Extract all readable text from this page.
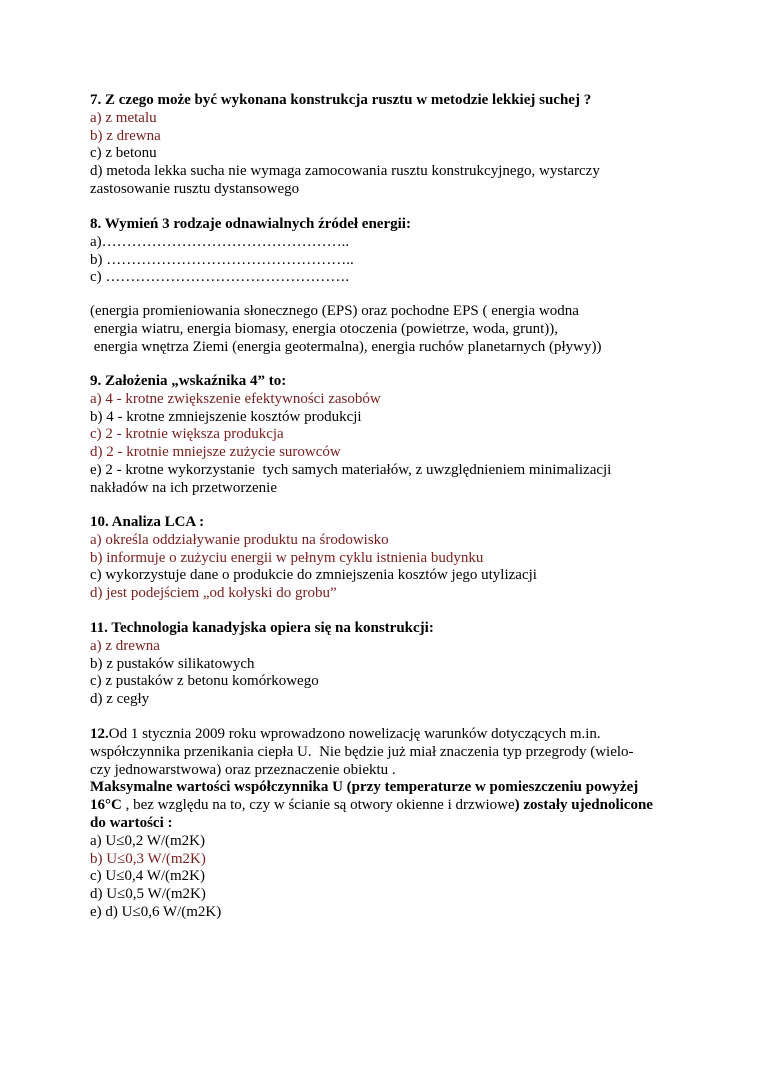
7. Z czego może być wykonana konstrukcja rusztu w metodzie lekkiej suchej ?
a) z metalu
b) z drewna
c) z betonu
d) metoda lekka sucha nie wymaga zamocowania rusztu konstrukcyjnego, wystarczy
zastosowanie rusztu dystansowego
8. Wymień 3 rodzaje odnawialnych źródeł energii:
a)…………………………………………..
b) …………………………………………..
c) ………………………………………….
(energia promieniowania słonecznego (EPS) oraz pochodne EPS ( energia wodna
energia wiatru, energia biomasy, energia otoczenia (powietrze, woda, grunt)),
energia wnętrza Ziemi (energia geotermalna), energia ruchów planetarnych (pływy))
9. Założenia „wskaźnika 4” to:
a) 4 - krotne zwiększenie efektywności zasobów
b) 4 - krotne zmniejszenie kosztów produkcji
c) 2 - krotnie większa produkcja
d) 2 - krotnie mniejsze zużycie surowców
e) 2 - krotne wykorzystanie  tych samych materiałów, z uwzględnieniem minimalizacji
nakładów na ich przetworzenie
10. Analiza LCA :
a) określa oddziaływanie produktu na środowisko
b) informuje o zużyciu energii w pełnym cyklu istnienia budynku
c) wykorzystuje dane o produkcie do zmniejszenia kosztów jego utylizacji
d) jest podejściem „od kołyski do grobu”
11. Technologia kanadyjska opiera się na konstrukcji:
a) z drewna
b) z pustaków silikatowych
c) z pustaków z betonu komórkowego
d) z cegły
12.Od 1 stycznia 2009 roku wprowadzono nowelizację warunków dotyczących m.in.
współczynnika przenikania ciepła U.  Nie będzie już miał znaczenia typ przegrody (wielo-
czy jednowarstwowa) oraz przeznaczenie obiektu .
Maksymalne wartości współczynnika U (przy temperaturze w pomieszczeniu powyżej
16°C , bez względu na to, czy w ścianie są otwory okienne i drzwiowe) zostały ujednolicone
do wartości :
a) U≤0,2 W/(m2K)
b) U≤0,3 W/(m2K)
c) U≤0,4 W/(m2K)
d) U≤0,5 W/(m2K)
e) d) U≤0,6 W/(m2K)
